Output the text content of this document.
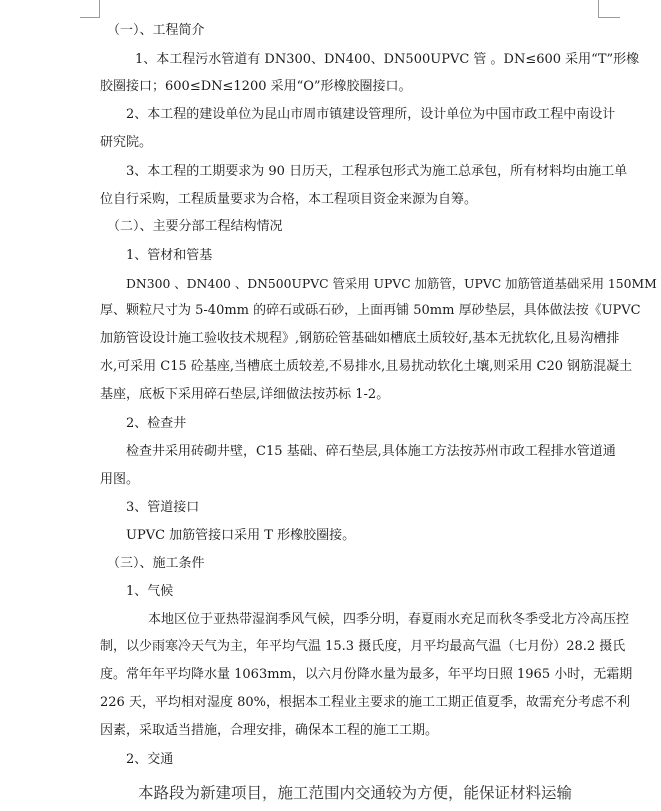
（一）、工程简介
1、本工程污水管道有 DN300、DN400、DN500UPVC 管 。DN≤600 采用“T”形橡
胶圈接口；600≤DN≤1200 采用“O”形橡胶圈接口。
2、本工程的建设单位为昆山市周市镇建设管理所，设计单位为中国市政工程中南设计
研究院。
3、本工程的工期要求为 90 日历天，工程承包形式为施工总承包，所有材料均由施工单
位自行采购，工程质量要求为合格，本工程项目资金来源为自筹。
（二）、主要分部工程结构情况
1、管材和管基
DN300 、DN400 、DN500UPVC 管采用 UPVC 加筋管，UPVC 加筋管道基础采用 150MM
厚、颗粒尺寸为 5-40mm 的碎石或砾石砂，上面再铺 50mm 厚砂垫层，具体做法按《UPVC
加筋管设设计施工验收技术规程》,钢筋砼管基础如槽底土质较好,基本无扰软化,且易沟槽排
水,可采用 C15 砼基座,当槽底土质较差,不易排水,且易扰动软化土壤,则采用 C20 钢筋混凝土
基座，底板下采用碎石垫层,详细做法按苏标 1-2。
2、检查井
检查井采用砖砌井壁，C15 基础、碎石垫层,具体施工方法按苏州市政工程排水管道通
用图。
3、管道接口
UPVC 加筋管接口采用 T 形橡胶圈接。
（三）、施工条件
1、气候
本地区位于亚热带湿润季风气候，四季分明，春夏雨水充足而秋冬季受北方冷高压控
制，以少雨寒冷天气为主，年平均气温 15.3 摄氏度，月平均最高气温（七月份）28.2 摄氏
度。常年年平均降水量 1063mm，以六月份降水量为最多，年平均日照 1965 小时，无霜期
226 天，平均相对湿度 80%，根据本工程业主要求的施工工期正值夏季，故需充分考虑不利
因素，采取适当措施，合理安排，确保本工程的施工工期。
2、交通
本路段为新建项目，施工范围内交通较为方便，能保证材料运输
